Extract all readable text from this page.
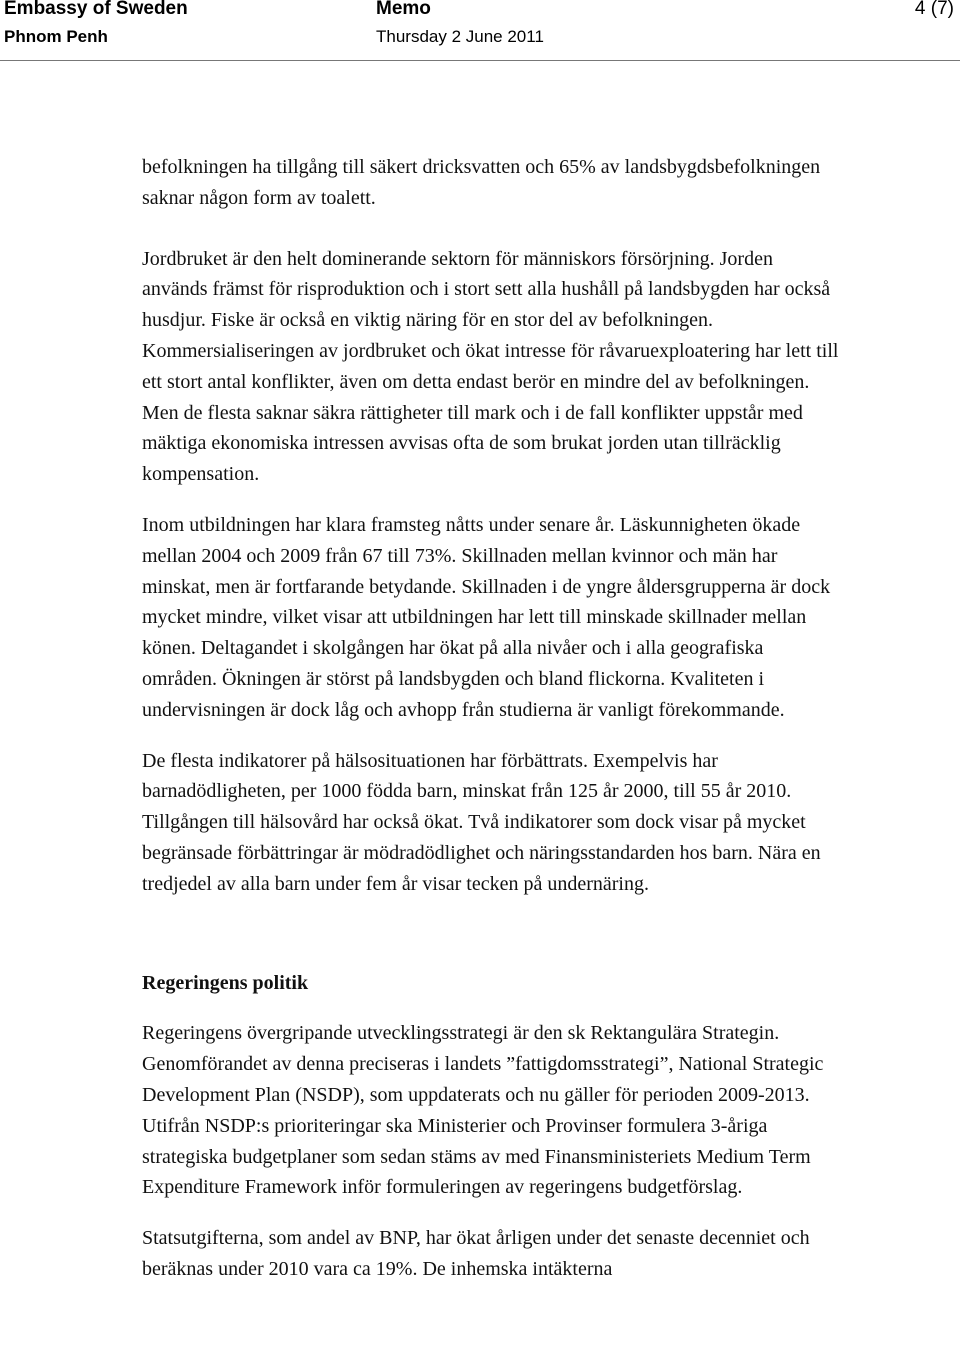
Embassy of Sweden
Phnom Penh
Memo
Thursday 2 June 2011
4 (7)

befolkningen ha tillgång till säkert dricksvatten och 65% av landsbygdsbefolkningen saknar någon form av toalett.

Jordbruket är den helt dominerande sektorn för människors försörjning. Jorden används främst för risproduktion och i stort sett alla hushåll på landsbygden har också husdjur. Fiske är också en viktig näring för en stor del av befolkningen. Kommersialiseringen av jordbruket och ökat intresse för råvaruexploatering har lett till ett stort antal konflikter, även om detta endast berör en mindre del av befolkningen. Men de flesta saknar säkra rättigheter till mark och i de fall konflikter uppstår med mäktiga ekonomiska intressen avvisas ofta de som brukat jorden utan tillräcklig kompensation.

Inom utbildningen har klara framsteg nåtts under senare år. Läskunnigheten ökade mellan 2004 och 2009 från 67 till 73%. Skillnaden mellan kvinnor och män har minskat, men är fortfarande betydande. Skillnaden i de yngre åldersgrupperna är dock mycket mindre, vilket visar att utbildningen har lett till minskade skillnader mellan könen. Deltagandet i skolgången har ökat på alla nivåer och i alla geografiska områden. Ökningen är störst på landsbygden och bland flickorna. Kvaliteten i undervisningen är dock låg och avhopp från studierna är vanligt förekommande.

De flesta indikatorer på hälsosituationen har förbättrats. Exempelvis har barnadödligheten, per 1000 födda barn, minskat från 125 år 2000, till 55 år 2010. Tillgången till hälsovård har också ökat. Två indikatorer som dock visar på mycket begränsade förbättringar är mödradödlighet och näringsstandarden hos barn. Nära en tredjedel av alla barn under fem år visar tecken på undernäring.

Regeringens politik

Regeringens övergripande utvecklingsstrategi är den sk Rektangulära Strategin. Genomförandet av denna preciseras i landets ”fattigdomsstrategi”, National Strategic Development Plan (NSDP), som uppdaterats och nu gäller för perioden 2009-2013. Utifrån NSDP:s prioriteringar ska Ministerier och Provinser formulera 3-åriga strategiska budgetplaner som sedan stäms av med Finansministeriets Medium Term Expenditure Framework inför formuleringen av regeringens budgetförslag.

Statsutgifterna, som andel av BNP, har ökat årligen under det senaste decenniet och beräknas under 2010 vara ca 19%. De inhemska intäkterna
